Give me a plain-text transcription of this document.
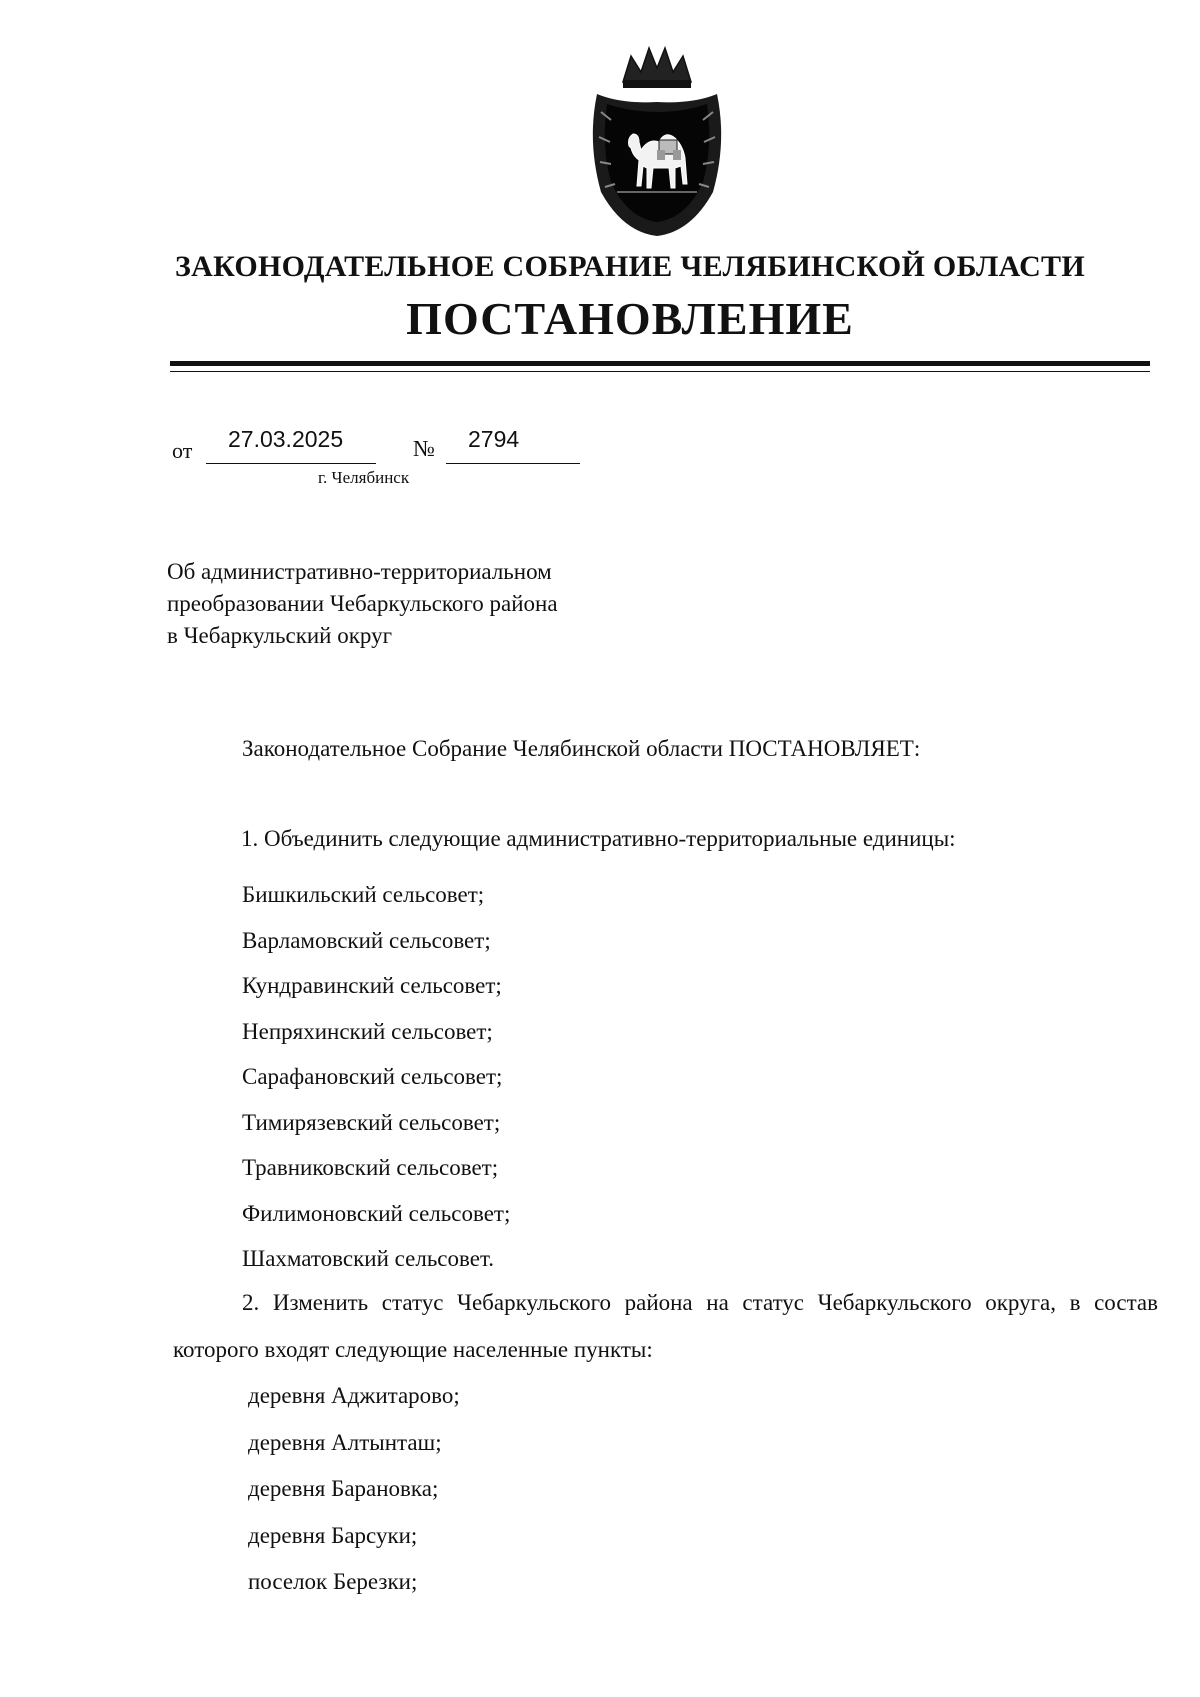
ЗАКОНОДАТЕЛЬНОЕ СОБРАНИЕ ЧЕЛЯБИНСКОЙ ОБЛАСТИ
ПОСТАНОВЛЕНИЕ
от 27.03.2025	№ 2794
г. Челябинск
Об административно-территориальном
преобразовании Чебаркульского района
в Чебаркульский округ
Законодательное Собрание Челябинской области ПОСТАНОВЛЯЕТ:
1. Объединить следующие административно-территориальные единицы:
Бишкильский сельсовет;
Варламовский сельсовет;
Кундравинский сельсовет;
Непряхинский сельсовет;
Сарафановский сельсовет;
Тимирязевский сельсовет;
Травниковский сельсовет;
Филимоновский сельсовет;
Шахматовский сельсовет.
2. Изменить статус Чебаркульского района на статус Чебаркульского округа, в состав которого входят следующие населенные пункты:
деревня Аджитарово;
деревня Алтынташ;
деревня Барановка;
деревня Барсуки;
поселок Березки;
